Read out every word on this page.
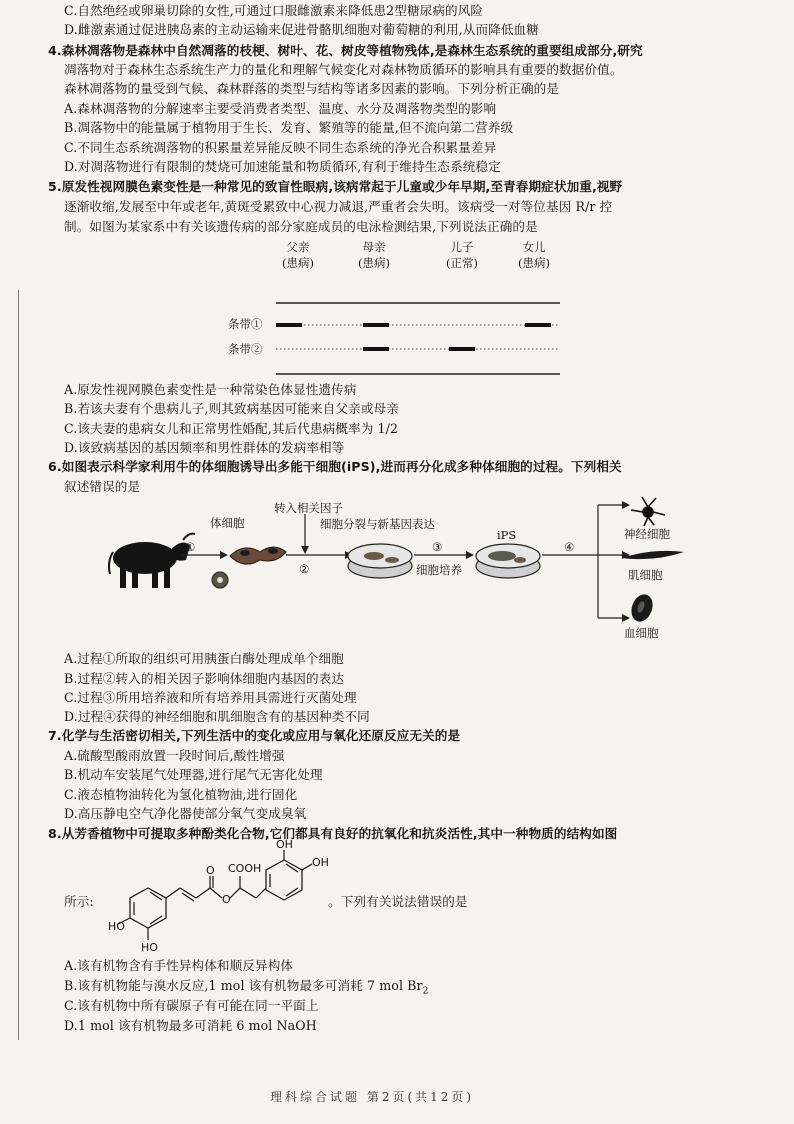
C.自然绝经或卵巢切除的女性,可通过口服雌激素来降低患2型糖尿病的风险
D.雌激素通过促进胰岛素的主动运输来促进骨骼肌细胞对葡萄糖的利用,从而降低血糖
4.森林凋落物是森林中自然凋落的枝梗、树叶、花、树皮等植物残体,是森林生态系统的重要组成部分,研究
凋落物对于森林生态系统生产力的量化和理解气候变化对森林物质循环的影响具有重要的数据价值。
森林凋落物的量受到气候、森林群落的类型与结构等诸多因素的影响。下列分析正确的是
A.森林凋落物的分解速率主要受消费者类型、温度、水分及凋落物类型的影响
B.凋落物中的能量属于植物用于生长、发育、繁殖等的能量,但不流向第二营养级
C.不同生态系统凋落物的积累量差异能反映不同生态系统的净光合积累量差异
D.对凋落物进行有限制的焚烧可加速能量和物质循环,有利于维持生态系统稳定
5.原发性视网膜色素变性是一种常见的致盲性眼病,该病常起于儿童或少年早期,至青春期症状加重,视野
逐渐收缩,发展至中年或老年,黄斑受累致中心视力减退,严重者会失明。该病受一对等位基因 R/r 控
制。如图为某家系中有关该遗传病的部分家庭成员的电泳检测结果,下列说法正确的是
父亲
(患病)
母亲
(患病)
儿子
(正常)
女儿
(患病)
条带①
条带②
A.原发性视网膜色素变性是一种常染色体显性遗传病
B.若该夫妻有个患病儿子,则其致病基因可能来自父亲或母亲
C.该夫妻的患病女儿和正常男性婚配,其后代患病概率为 1/2
D.该致病基因的基因频率和男性群体的发病率相等
6.如图表示科学家利用牛的体细胞诱导出多能干细胞(iPS),进而再分化成多种体细胞的过程。下列相关
叙述错误的是
体细胞
转入相关因子
细胞分裂与新基因表达
iPS
细胞培养
①
②
③	④
神经细胞
肌细胞
血细胞
A.过程①所取的组织可用胰蛋白酶处理成单个细胞
B.过程②转入的相关因子影响体细胞内基因的表达
C.过程③所用培养液和所有培养用具需进行灭菌处理
D.过程④获得的神经细胞和肌细胞含有的基因种类不同
7.化学与生活密切相关,下列生活中的变化或应用与氧化还原反应无关的是
A.硫酸型酸雨放置一段时间后,酸性增强
B.机动车安装尾气处理器,进行尾气无害化处理
C.液态植物油转化为氢化植物油,进行固化
D.高压静电空气净化器使部分氧气变成臭氧
8.从芳香植物中可提取多种酚类化合物,它们都具有良好的抗氧化和抗炎活性,其中一种物质的结构如图
所示:	。下列有关说法错误的是
HO
HO
O
O
COOH
OH
OH
A.该有机物含有手性异构体和顺反异构体
B.该有机物能与溴水反应,1 mol 该有机物最多可消耗 7 mol $Br_2$
C.该有机物中所有碳原子有可能在同一平面上
D.1 mol 该有机物最多可消耗 6 mol NaOH
理科综合试题 第2页(共12页)
